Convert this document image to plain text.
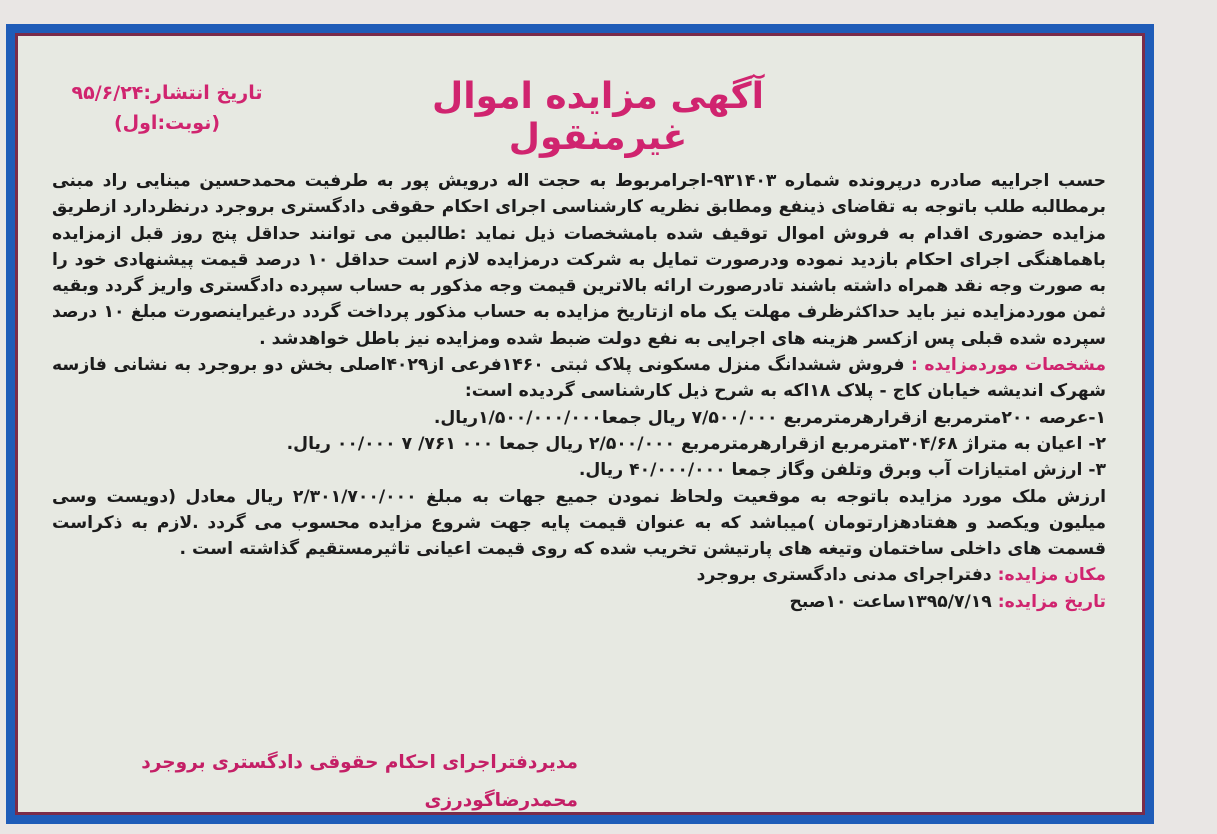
آگهی مزایده اموال غیرمنقول
تاریخ انتشار:۹۵/۶/۲۴
(نوبت:اول)

حسب اجراییه صادره درپرونده شماره ۹۳۱۴۰۳-اجرامربوط به حجت اله درویش پور به طرفیت محمدحسین مینایی راد مبنی برمطالبه طلب باتوجه به تقاضای ذینفع ومطابق نظریه کارشناسی اجرای احکام حقوقی دادگستری بروجرد درنظردارد ازطریق مزایده حضوری اقدام به فروش اموال توقیف شده بامشخصات ذیل نماید :طالبین می توانند حداقل پنج روز قبل ازمزایده باهماهنگی اجرای احکام بازدید نموده ودرصورت تمایل به شرکت درمزایده لازم است حداقل ۱۰ درصد قیمت پیشنهادی خود را به صورت وجه نقد همراه داشته باشند تادرصورت ارائه بالاترین قیمت وجه مذکور به حساب سپرده دادگستری واریز گردد وبقیه ثمن موردمزایده نیز باید حداکثرظرف مهلت یک ماه ازتاریخ مزایده به حساب مذکور پرداخت گردد درغیراینصورت مبلغ ۱۰ درصد سپرده شده قبلی پس ازکسر هزینه های اجرایی به نفع دولت ضبط شده ومزایده نیز باطل خواهدشد .

مشخصات موردمزایده : فروش ششدانگ منزل مسکونی پلاک ثبتی ۱۴۶۰فرعی از۴۰۲۹اصلی بخش دو بروجرد به نشانی فازسه شهرک اندیشه خیابان کاج - پلاک ۱۸اکه به شرح ذیل کارشناسی گردیده است:

۱-عرصه ۲۰۰مترمربع ازقرارهرمترمربع ۷/۵۰۰/۰۰۰ ریال جمعا۱/۵۰۰/۰۰۰/۰۰۰ریال.

۲- اعیان به متراژ ۳۰۴/۶۸مترمربع ازقرارهرمترمربع ۲/۵۰۰/۰۰۰ ریال جمعا ۰۰۰ ۷۶۱/ ۷ ۰۰/۰۰۰ ریال.

۳- ارزش امتیازات آب وبرق وتلفن وگاز جمعا ۴۰/۰۰۰/۰۰۰ ریال.

ارزش ملک مورد مزایده باتوجه به موقعیت ولحاظ نمودن جمیع جهات به مبلغ ۲/۳۰۱/۷۰۰/۰۰۰ ریال معادل (دویست وسی میلیون ویکصد و هفتادهزارتومان )میباشد که به عنوان قیمت پایه جهت شروع مزایده محسوب می گردد .لازم به ذکراست قسمت های داخلی ساختمان وتیغه های پارتیشن تخریب شده که روی قیمت اعیانی تاثیرمستقیم گذاشته است .

مکان مزایده: دفتراجرای مدنی دادگستری بروجرد

تاریخ مزایده: ۱۳۹۵/۷/۱۹ساعت ۱۰صبح

مدیردفتراجرای احکام حقوقی دادگستری بروجرد
محمدرضاگودرزی
